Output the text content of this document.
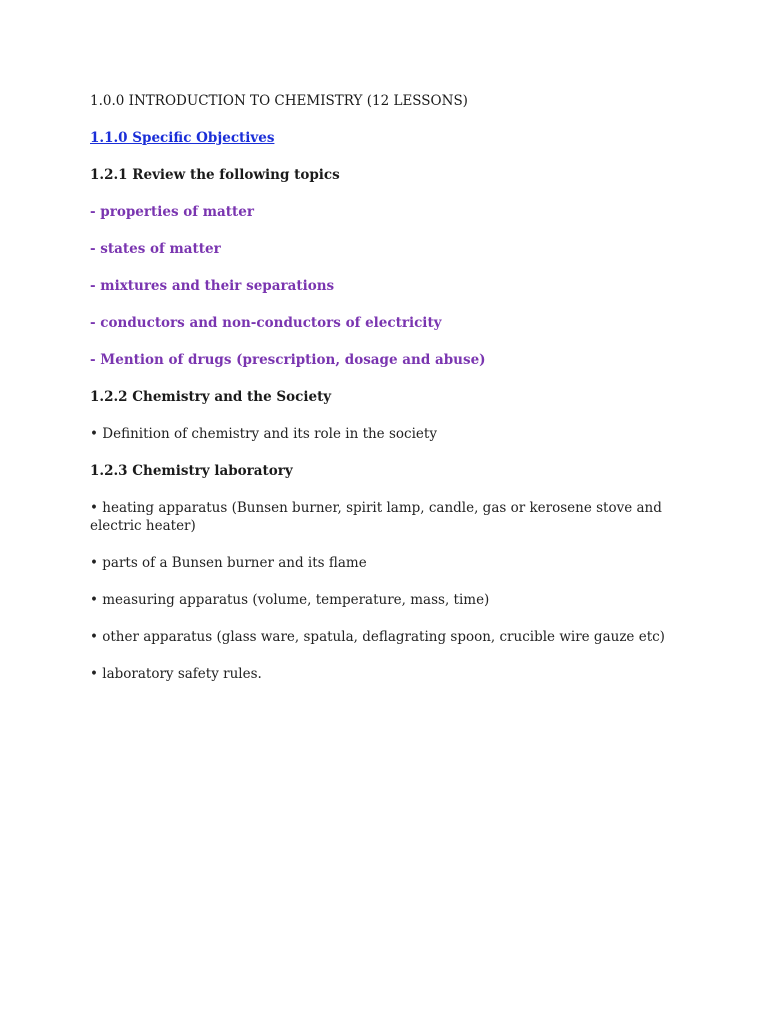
1.0.0 INTRODUCTION TO CHEMISTRY (12 LESSONS)

1.1.0 Specific Objectives

1.2.1 Review the following topics

- properties of matter

- states of matter

- mixtures and their separations

- conductors and non-conductors of electricity

- Mention of drugs (prescription, dosage and abuse)

1.2.2 Chemistry and the Society

• Definition of chemistry and its role in the society

1.2.3 Chemistry laboratory

• heating apparatus (Bunsen burner, spirit lamp, candle, gas or kerosene stove and electric heater)

• parts of a Bunsen burner and its flame

• measuring apparatus (volume, temperature, mass, time)

• other apparatus (glass ware, spatula, deflagrating spoon, crucible wire gauze etc)

• laboratory safety rules.
